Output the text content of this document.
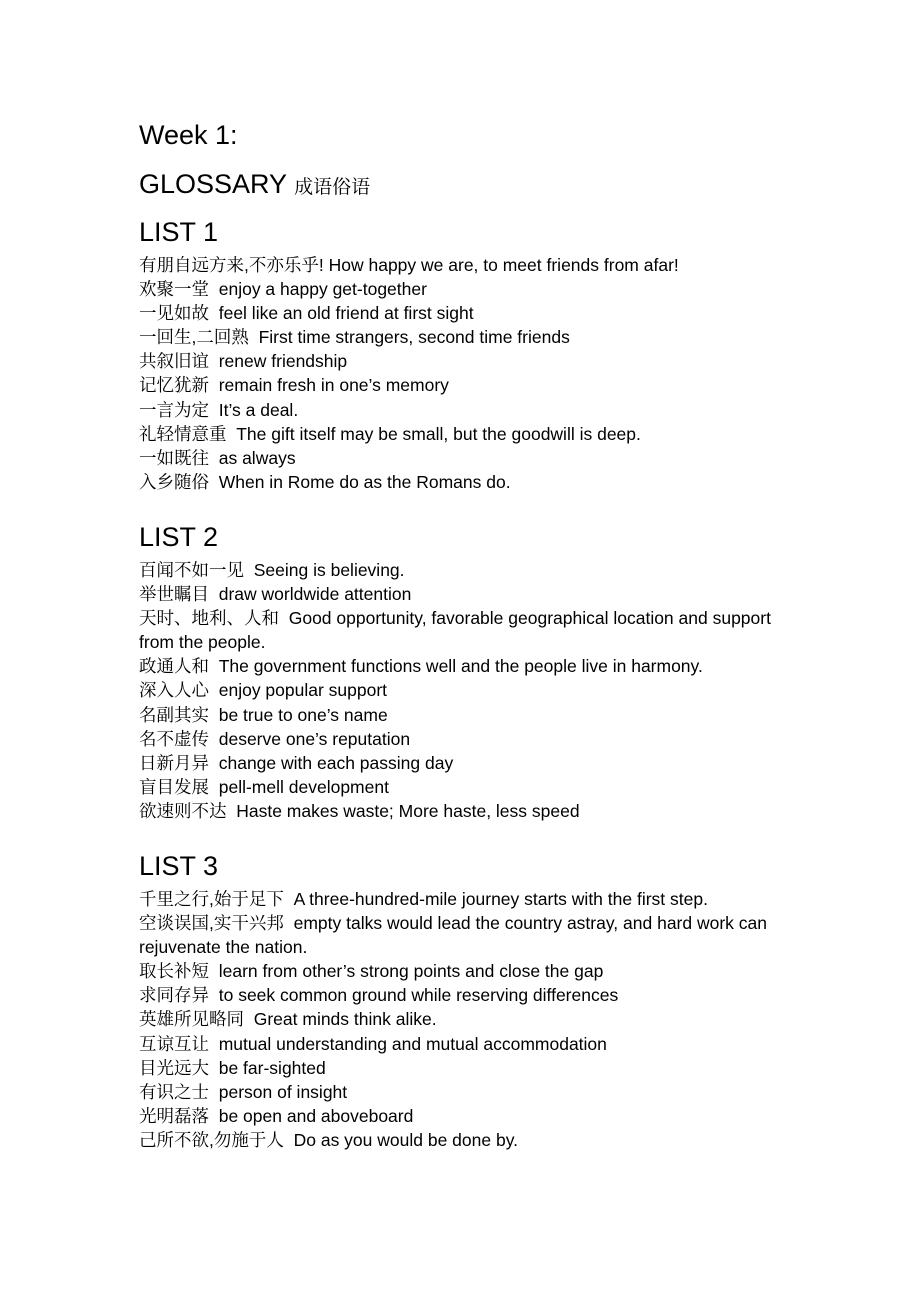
Week 1:
GLOSSARY 成语俗语
LIST 1
有朋自远方来,不亦乐乎! How happy we are, to meet friends from afar!
欢聚一堂 enjoy a happy get-together
一见如故 feel like an old friend at first sight
一回生,二回熟 First time strangers, second time friends
共叙旧谊 renew friendship
记忆犹新 remain fresh in one’s memory
一言为定 It’s a deal.
礼轻情意重 The gift itself may be small, but the goodwill is deep.
一如既往 as always
入乡随俗 When in Rome do as the Romans do.
LIST 2
百闻不如一见 Seeing is believing.
举世瞩目 draw worldwide attention
天时、地利、人和 Good opportunity, favorable geographical location and support from the people.
政通人和 The government functions well and the people live in harmony.
深入人心 enjoy popular support
名副其实 be true to one’s name
名不虚传 deserve one’s reputation
日新月异 change with each passing day
盲目发展 pell-mell development
欲速则不达 Haste makes waste; More haste, less speed
LIST 3
千里之行,始于足下 A three-hundred-mile journey starts with the first step.
空谈误国,实干兴邦 empty talks would lead the country astray, and hard work can rejuvenate the nation.
取长补短 learn from other’s strong points and close the gap
求同存异 to seek common ground while reserving differences
英雄所见略同 Great minds think alike.
互谅互让 mutual understanding and mutual accommodation
目光远大 be far-sighted
有识之士 person of insight
光明磊落 be open and aboveboard
己所不欲,勿施于人 Do as you would be done by.
